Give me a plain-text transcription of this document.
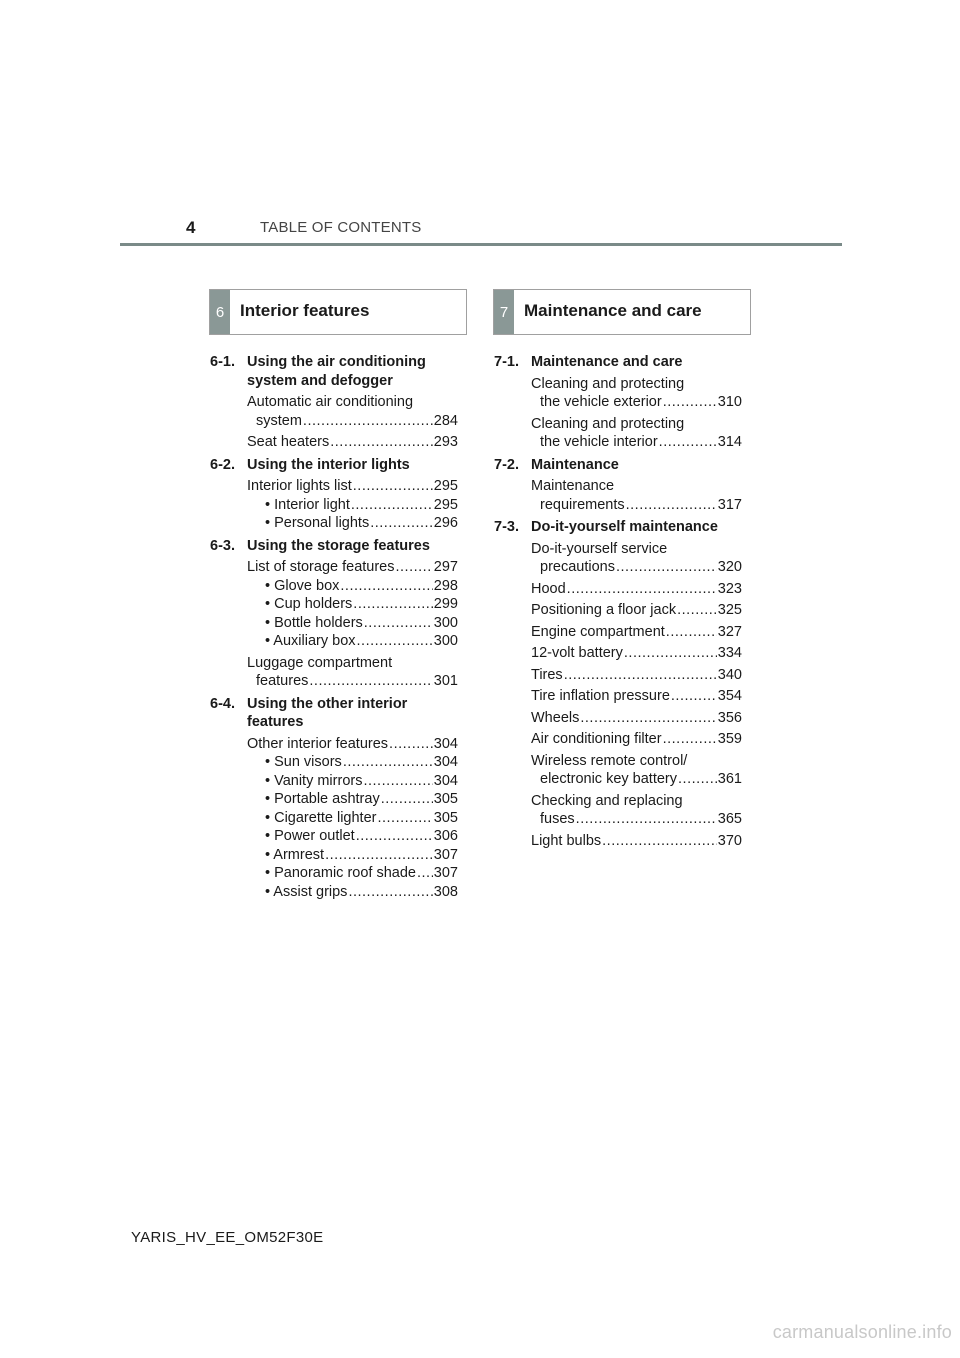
4	TABLE OF CONTENTS
6 Interior features	7 Maintenance and care
6-1. Using the air conditioning
system and defogger
Automatic air conditioning
system .....	284
Seat heaters .....	293
6-2. Using the interior lights
Interior lights list .....	295
• Interior light .....	295
• Personal lights .....	296
6-3. Using the storage features
List of storage features .....	297
• Glove box .....	298
• Cup holders .....	299
• Bottle holders .....	300
• Auxiliary box .....	300
Luggage compartment
features .....	301
6-4. Using the other interior
features
Other interior features .....	304
• Sun visors .....	304
• Vanity mirrors .....	304
• Portable ashtray .....	305
• Cigarette lighter .....	305
• Power outlet .....	306
• Armrest .....	307
• Panoramic roof shade ..... 307
• Assist grips .....	308
7-1. Maintenance and care
Cleaning and protecting
the vehicle exterior .....	310
Cleaning and protecting
the vehicle interior .....	314
7-2. Maintenance
Maintenance
requirements .....	317
7-3. Do-it-yourself maintenance
Do-it-yourself service
precautions .....	320
Hood .....	323
Positioning a floor jack .....	325
Engine compartment .....	327
12-volt battery .....	334
Tires .....	340
Tire inflation pressure .....	354
Wheels .....	356
Air conditioning filter .....	359
Wireless remote control/
electronic key battery .....	361
Checking and replacing
fuses .....	365
Light bulbs .....	370
YARIS_HV_EE_OM52F30E
carmanualsonline.info
